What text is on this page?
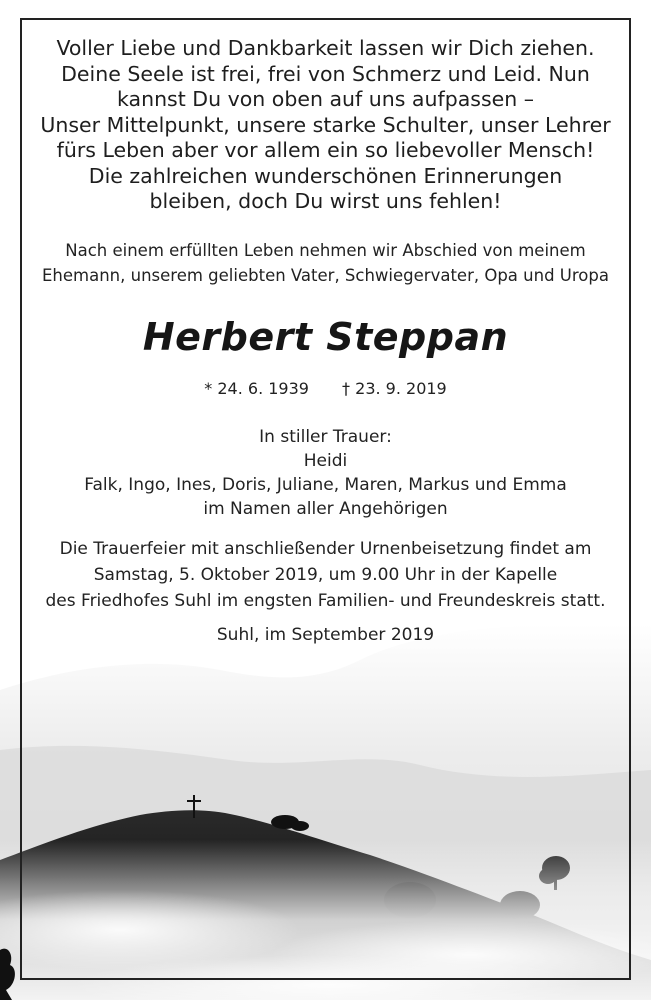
Voller Liebe und Dankbarkeit lassen wir Dich ziehen.
Deine Seele ist frei, frei von Schmerz und Leid. Nun
kannst Du von oben auf uns aufpassen –
Unser Mittelpunkt, unsere starke Schulter, unser Lehrer
fürs Leben aber vor allem ein so liebevoller Mensch!
Die zahlreichen wunderschönen Erinnerungen
bleiben, doch Du wirst uns fehlen!
Nach einem erfüllten Leben nehmen wir Abschied von meinem
Ehemann, unserem geliebten Vater, Schwiegervater, Opa und Uropa
Herbert Steppan
* 24. 6. 1939 † 23. 9. 2019
In stiller Trauer:
Heidi
Falk, Ingo, Ines, Doris, Juliane, Maren, Markus und Emma
im Namen aller Angehörigen
Die Trauerfeier mit anschließender Urnenbeisetzung findet am
Samstag, 5. Oktober 2019, um 9.00 Uhr in der Kapelle
des Friedhofes Suhl im engsten Familien- und Freundeskreis statt.
Suhl, im September 2019
